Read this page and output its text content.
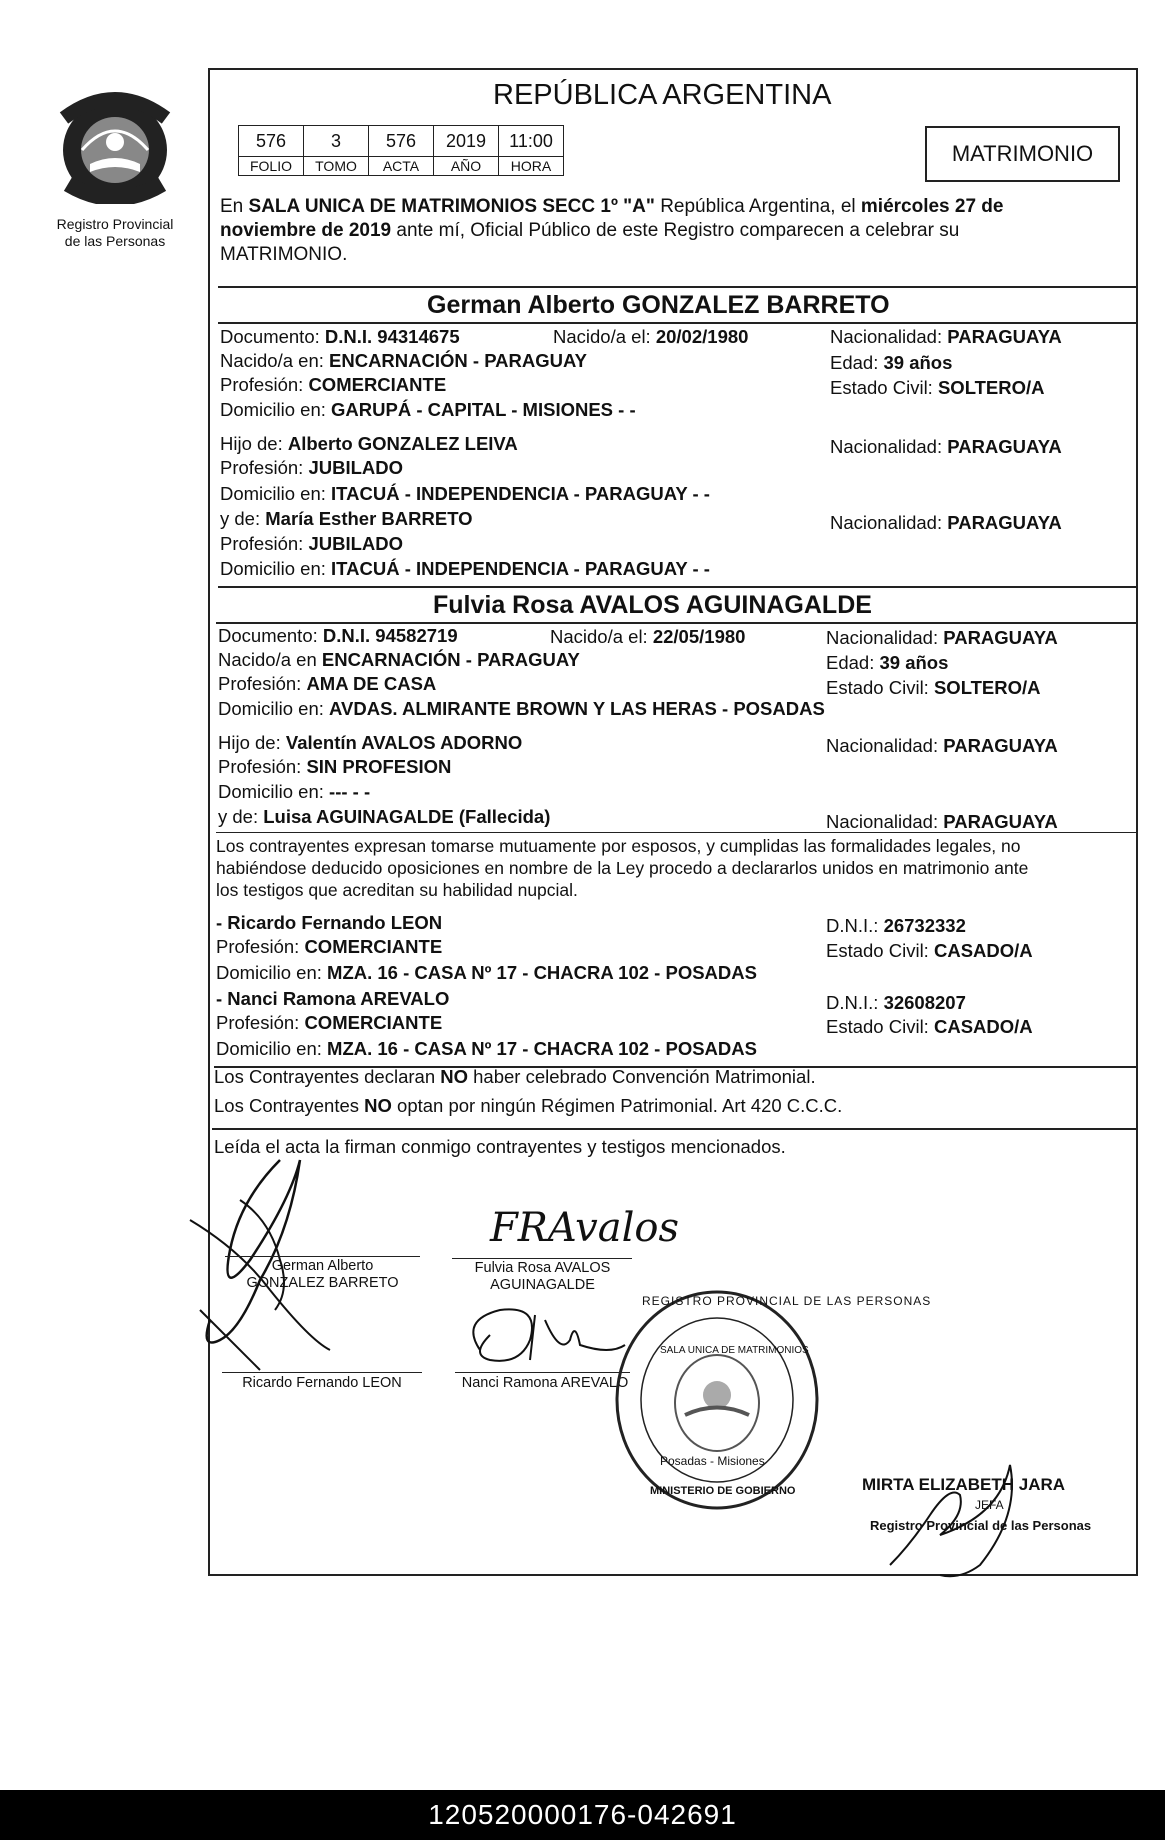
Registro Provincial
de las Personas
REPÚBLICA ARGENTINA
576	3	576	2019	11:00
FOLIO	TOMO	ACTA	AÑO	HORA	MATRIMONIO
En SALA UNICA DE MATRIMONIOS SECC 1º "A" República Argentina, el miércoles 27 de
noviembre de 2019 ante mí, Oficial Público de este Registro comparecen a celebrar su
MATRIMONIO.
German Alberto GONZALEZ BARRETO
Documento: D.N.I. 94314675	Nacido/a el: 20/02/1980	Nacionalidad: PARAGUAYA
Nacido/a en: ENCARNACIÓN - PARAGUAY	Edad: 39 años
Profesión: COMERCIANTE	Estado Civil: SOLTERO/A
Domicilio en: GARUPÁ - CAPITAL - MISIONES - -
Hijo de: Alberto GONZALEZ LEIVA	Nacionalidad: PARAGUAYA
Profesión: JUBILADO
Domicilio en: ITACUÁ - INDEPENDENCIA - PARAGUAY - -
y de: María Esther BARRETO	Nacionalidad: PARAGUAYA
Profesión: JUBILADO
Domicilio en: ITACUÁ - INDEPENDENCIA - PARAGUAY - -
Fulvia Rosa AVALOS AGUINAGALDE
Documento: D.N.I. 94582719	Nacido/a el: 22/05/1980	Nacionalidad: PARAGUAYA
Nacido/a en ENCARNACIÓN - PARAGUAY	Edad: 39 años
Profesión: AMA DE CASA	Estado Civil: SOLTERO/A
Domicilio en: AVDAS. ALMIRANTE BROWN Y LAS HERAS - POSADAS
Hijo de: Valentín AVALOS ADORNO	Nacionalidad: PARAGUAYA
Profesión: SIN PROFESION
Domicilio en: --- - -
y de: Luisa AGUINAGALDE (Fallecida)	Nacionalidad: PARAGUAYA
Los contrayentes expresan tomarse mutuamente por esposos, y cumplidas las formalidades legales, no
habiéndose deducido oposiciones en nombre de la Ley procedo a declararlos unidos en matrimonio ante
los testigos que acreditan su habilidad nupcial.
- Ricardo Fernando LEON	D.N.I.: 26732332
Profesión: COMERCIANTE	Estado Civil: CASADO/A
Domicilio en: MZA. 16 - CASA Nº 17 - CHACRA 102 - POSADAS
- Nanci Ramona AREVALO	D.N.I.: 32608207
Profesión: COMERCIANTE	Estado Civil: CASADO/A
Domicilio en: MZA. 16 - CASA Nº 17 - CHACRA 102 - POSADAS
Los Contrayentes declaran NO haber celebrado Convención Matrimonial.
Los Contrayentes NO optan por ningún Régimen Patrimonial. Art 420 C.C.C.
Leída el acta la firman conmigo contrayentes y testigos mencionados.
German Alberto
GONZALEZ BARRETO
FRAvalos
Fulvia Rosa AVALOS
AGUINAGALDE
Ricardo Fernando LEON	Nanci Ramona AREVALO
REGISTRO PROVINCIAL DE LAS PERSONAS
SALA UNICA DE MATRIMONIOS
Posadas - Misiones
MINISTERIO DE GOBIERNO	MIRTA ELIZABETH JARA
JEFA
Registro Provincial de las Personas
120520000176-042691
